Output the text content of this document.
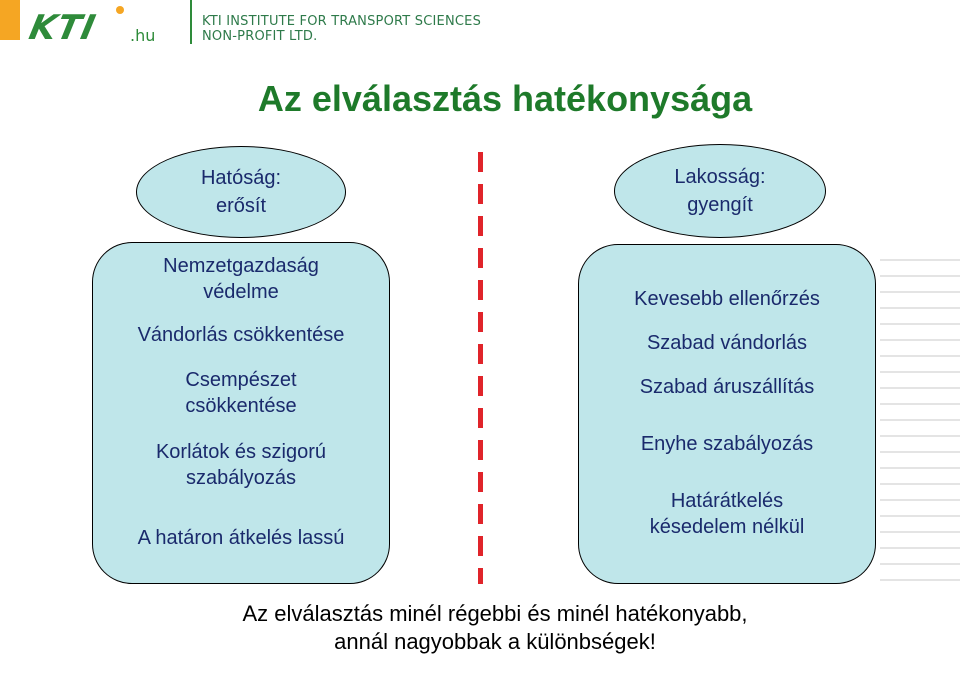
KTI .hu
KTI INSTITUTE FOR TRANSPORT SCIENCES
NON-PROFIT LTD.
Az elválasztás hatékonysága
Hatóság:
erősít
Nemzetgazdaság
védelme
Vándorlás csökkentése
Csempészet
csökkentése
Korlátok és szigorú
szabályozás
A határon átkelés lassú
Lakosság:
gyengít
Kevesebb ellenőrzés
Szabad vándorlás
Szabad áruszállítás
Enyhe szabályozás
Határátkelés
késedelem nélkül
Az elválasztás minél régebbi és minél hatékonyabb,
annál nagyobbak a különbségek!
